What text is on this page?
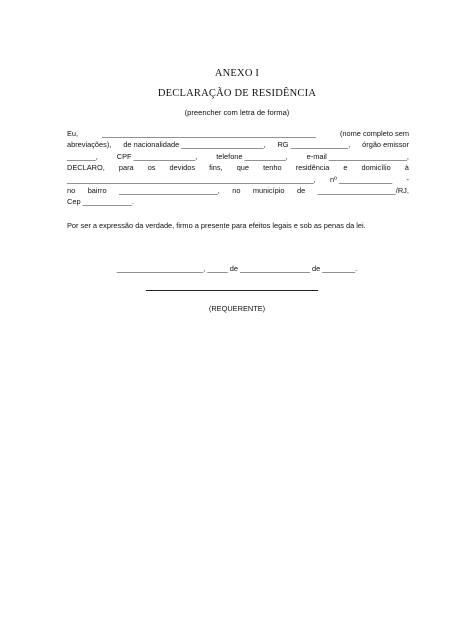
ANEXO I
DECLARAÇÃO DE RESIDÊNCIA
(preencher com letra de forma)
Eu,	____________________________________________________	(nome completo sem
abreviações), de nacionalidade ____________________, RG ______________, órgão emissor
_______,	CPF _______________,	telefone __________,	e-mail ___________________,
DECLARO, para os devidos fins, que tenho residência e domicílio à
____________________________________________________________, nº _____________ -
no bairro ________________________, no município de ___________________/RJ,
Cep ____________.
Por ser a expressão da verdade, firmo a presente para efeitos legais e sob as penas da lei.
_____________________, _____ de _________________ de ________.
(REQUERENTE)
